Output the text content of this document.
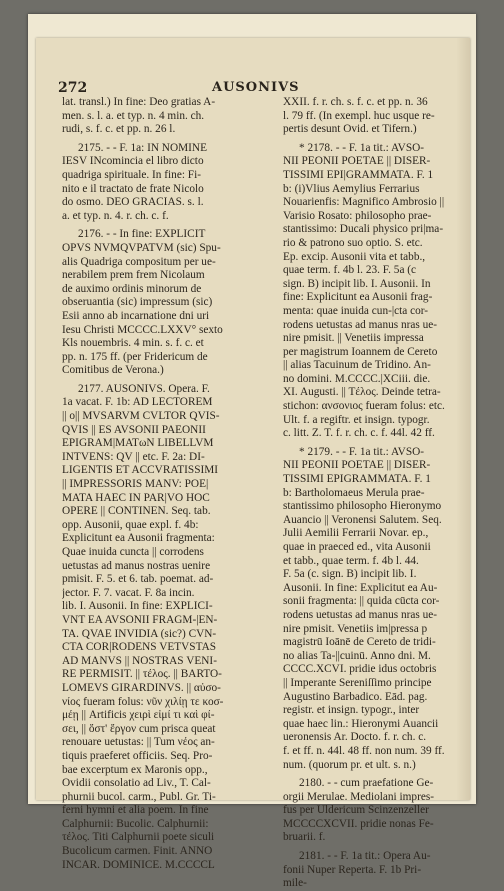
272	AUSONIVS
lat. transl.) In fine: Deo gratias A-
men. s. l. a. et typ. n. 4 min. ch.
rudi, s. f. c. et pp. n. 26 l.
2175. - - F. 1a: IN NOMINE
IESV INcomincia el libro dicto
quadriga spirituale. In fine: Fi-
nito e il tractato de frate Nicolo
do osmo. DEO GRACIAS. s. l.
a. et typ. n. 4. r. ch. c. f.
2176. - - In fine: EXPLICIT
OPVS NVMQVPATVM (sic) Spu-
alis Quadriga compositum per ue-
nerabilem prem frem Nicolaum
de auximo ordinis minorum de
obseruantia (sic) impressum (sic)
Esii anno ab incarnatione dni uri
Iesu Christi MCCCC.LXXV° sexto
Kls nouembris. 4 min. s. f. c. et
pp. n. 175 ff. (per Fridericum de
Comitibus de Verona.)
2177. AUSONIVS. Opera. F.
1a vacat. F. 1b: AD LECTOREM
|| o|| MVSARVM CVLTOR QVIS-
QVIS || ES AVSONII PAEONII
EPIGRAM|MATωN LIBELLVM
INTVENS: QV || etc. F. 2a: DI-
LIGENTIS ET ACCVRATISSIMI
|| IMPRESSORIS MANV: POE|
MATA HAEC IN PAR|VO HOC
OPERE || CONTINEN. Seq. tab.
opp. Ausonii, quae expl. f. 4b:
Explicitunt ea Ausonii fragmenta:
Quae inuida cuncta || corrodens
uetustas ad manus nostras uenire
pmisit. F. 5. et 6. tab. poemat. ad-
jector. F. 7. vacat. F. 8a incin.
lib. I. Ausonii. In fine: EXPLICI-
VNT EA AVSONII FRAGM-|EN-
TA. QVAE INVIDIA (sic?) CVN-
CTA COR|RODENS VETVSTAS
AD MANVS || NOSTRAS VENI-
RE PERMISIT. || τέλος. || BARTO-
LOMEVS GIRARDINVS. || αὐσο-
νίος fueram folus: νῦν χιλίῃ τε κοσ-
μέῃ || Artificis χειρὶ εἰμί τι καὶ φί-
σει, || ὅστ' ἔργον cum prisca queat
renouare uetustas: || Tum νέος an-
tiquis praeferet officiis. Seq. Pro-
bae excerptum ex Maronis opp.,
Ovidii consolatio ad Liv., T. Cal-
phurnii bucol. carm., Publ. Gr. Ti-
ferni hymni et alia poem. In fine
Calphurnii: Bucolic. Calphurnii:
τέλος. Titi Calphurnii poete siculi
Bucolicum carmen. Finit. ANNO
INCAR. DOMINICE. M.CCCCL
XXII. f. r. ch. s. f. c. et pp. n. 36
l. 79 ff. (In exempl. huc usque re-
pertis desunt Ovid. et Tifern.)
* 2178. - - F. 1a tit.: AVSO-
NII PEONII POETAE || DISER-
TISSIMI EPI|GRAMMATA. F. 1
b: (i)Vlius Aemylius Ferrarius
Nouarienfis: Magnifico Ambrosio ||
Varisio Rosato: philosopho prae-
stantissimo: Ducali physico pri|ma-
rio & patrono suo optio. S. etc.
Ep. excip. Ausonii vita et tabb.,
quae term. f. 4b l. 23. F. 5a (c
sign. B) incipit lib. I. Ausonii. In
fine: Explicitunt ea Ausonii frag-
menta: quae inuida cun-|cta cor-
rodens uetustas ad manus nras ue-
nire pmisit. || Venetiis impressa
per magistrum Ioannem de Cereto
|| alias Tacuinum de Tridino. An-
no domini. M.CCCC.|XCiii. die.
XI. Augusti. || Tέλος. Deinde tetra-
stichon: ανσονιος fueram folus: etc.
Ult. f. a regiftr. et insign. typogr.
c. litt. Z. T. f. r. ch. c. f. 44l. 42 ff.
* 2179. - - F. 1a tit.: AVSO-
NII PEONII POETAE || DISER-
TISSIMI EPIGRAMMATA. F. 1
b: Bartholomaeus Merula prae-
stantissimo philosopho Hieronymo
Auancio || Veronensi Salutem. Seq.
Julii Aemilii Ferrarii Novar. ep.,
quae in praeced ed., vita Ausonii
et tabb., quae term. f. 4b l. 44.
F. 5a (c. sign. B) incipit lib. I.
Ausonii. In fine: Explicitut ea Au-
sonii fragmenta: || quida cūcta cor-
rodens uetustas ad manus nras ue-
nire pmisit. Venetiis im|pressa p
magistrū Ioānē de Cereto de tridi-
no alias Ta-||cuinū. Anno dni. M.
CCCC.XCVI. pridie idus octobris
|| Imperante Sereniſſimo principe
Augustino Barbadico. Eād. pag.
registr. et insign. typogr., inter
quae haec lin.: Hieronymi Auancii
ueronensis Ar. Docto. f. r. ch. c.
f. et ff. n. 44l. 48 ff. non num. 39 ff.
num. (quorum pr. et ult. s. n.)
2180. - - cum praefatione Ge-
orgii Merulae. Mediolani impres-
fus per Uldericum Scinzenzeller
MCCCCXCVII. pridie nonas Fe-
bruarii. f.
2181. - - F. 1a tit.: Opera Au-
fonii Nuper Reperta. F. 1b Pri-
mile-
